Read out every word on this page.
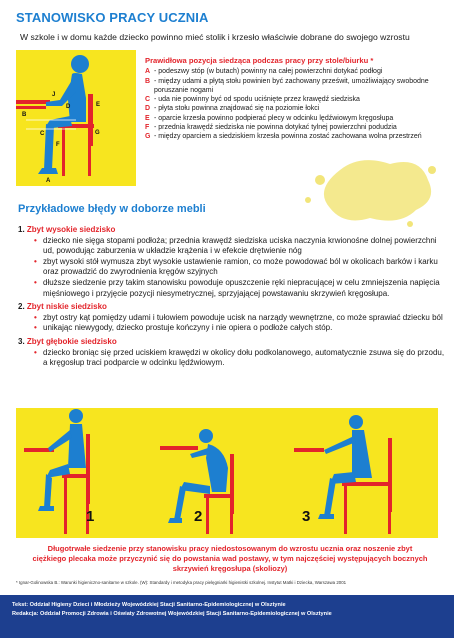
STANOWISKO PRACY UCZNIA
W szkole i w domu każde dziecko powinno mieć stolik i krzesło właściwie dobrane do swojego wzrostu
J
D	E
B
C	G
F
A
Prawidłowa pozycja siedząca podczas pracy przy stole/biurku *
A - podeszwy stóp (w butach) powinny na całej powierzchni dotykać podłogi
B - między udami a płytą stołu powinien być zachowany prześwit, umożliwiający swobodne poruszanie nogami
C - uda nie powinny być od spodu uciśnięte przez krawędź siedziska
D - płyta stołu powinna znajdować się na poziomie łokci
E - oparcie krzesła powinno podpierać plecy w odcinku lędźwiowym kręgosłupa
F - przednia krawędź siedziska nie powinna dotykać tylnej powierzchni podudzia
G - między oparciem a siedziskiem krzesła powinna zostać zachowana wolna przestrzeń
Przykładowe błędy w doborze mebli
1. Zbyt wysokie siedzisko
• dziecko nie sięga stopami podłoża; przednia krawędź siedziska uciska naczynia krwionośne dolnej powierzchni ud, powodując zaburzenia w układzie krążenia i w efekcie drętwienie nóg
• zbyt wysoki stół wymusza zbyt wysokie ustawienie ramion, co może powodować ból w okolicach barków i karku oraz prowadzić do zwyrodnienia kręgów szyjnych
• dłuższe siedzenie przy takim stanowisku powoduje opuszczenie ręki niepracującej w celu zmniejszenia napięcia mięśniowego i przyjęcie pozycji niesymetrycznej, sprzyjającej powstawaniu skrzywień kręgosłupa.
2. Zbyt niskie siedzisko
• zbyt ostry kąt pomiędzy udami i tułowiem powoduje ucisk na narządy wewnętrzne, co może sprawiać dziecku ból
• unikając niewygody, dziecko prostuje kończyny i nie opiera o podłoże całych stóp.
3. Zbyt głębokie siedzisko
• dziecko broniąc się przed uciskiem krawędzi w okolicy dołu podkolanowego, automatycznie zsuwa się do przodu, a kręgosłup traci podparcie w odcinku lędźwiowym.
1	2	3
Długotrwałe siedzenie przy stanowisku pracy niedostosowanym do wzrostu ucznia oraz noszenie zbyt ciężkiego plecaka może przyczynić się do powstania wad postawy, w tym najczęściej występujących bocznych skrzywień kręgosłupa (skoliozy)
* Ignar-Golinowska B.: Warunki higieniczno-sanitarne w szkole. (W): Standardy i metodyka pracy pielęgniarki higienistki szkolnej. Instytut Matki i Dziecka, Warszawa 2001
Tekst: Oddział Higieny Dzieci i Młodzieży Wojewódzkiej Stacji Sanitarno-Epidemiologicznej w Olsztynie
Redakcja: Oddział Promocji Zdrowia i Oświaty Zdrowotnej Wojewódzkiej Stacji Sanitarno-Epidemiologicznej w Olsztynie
